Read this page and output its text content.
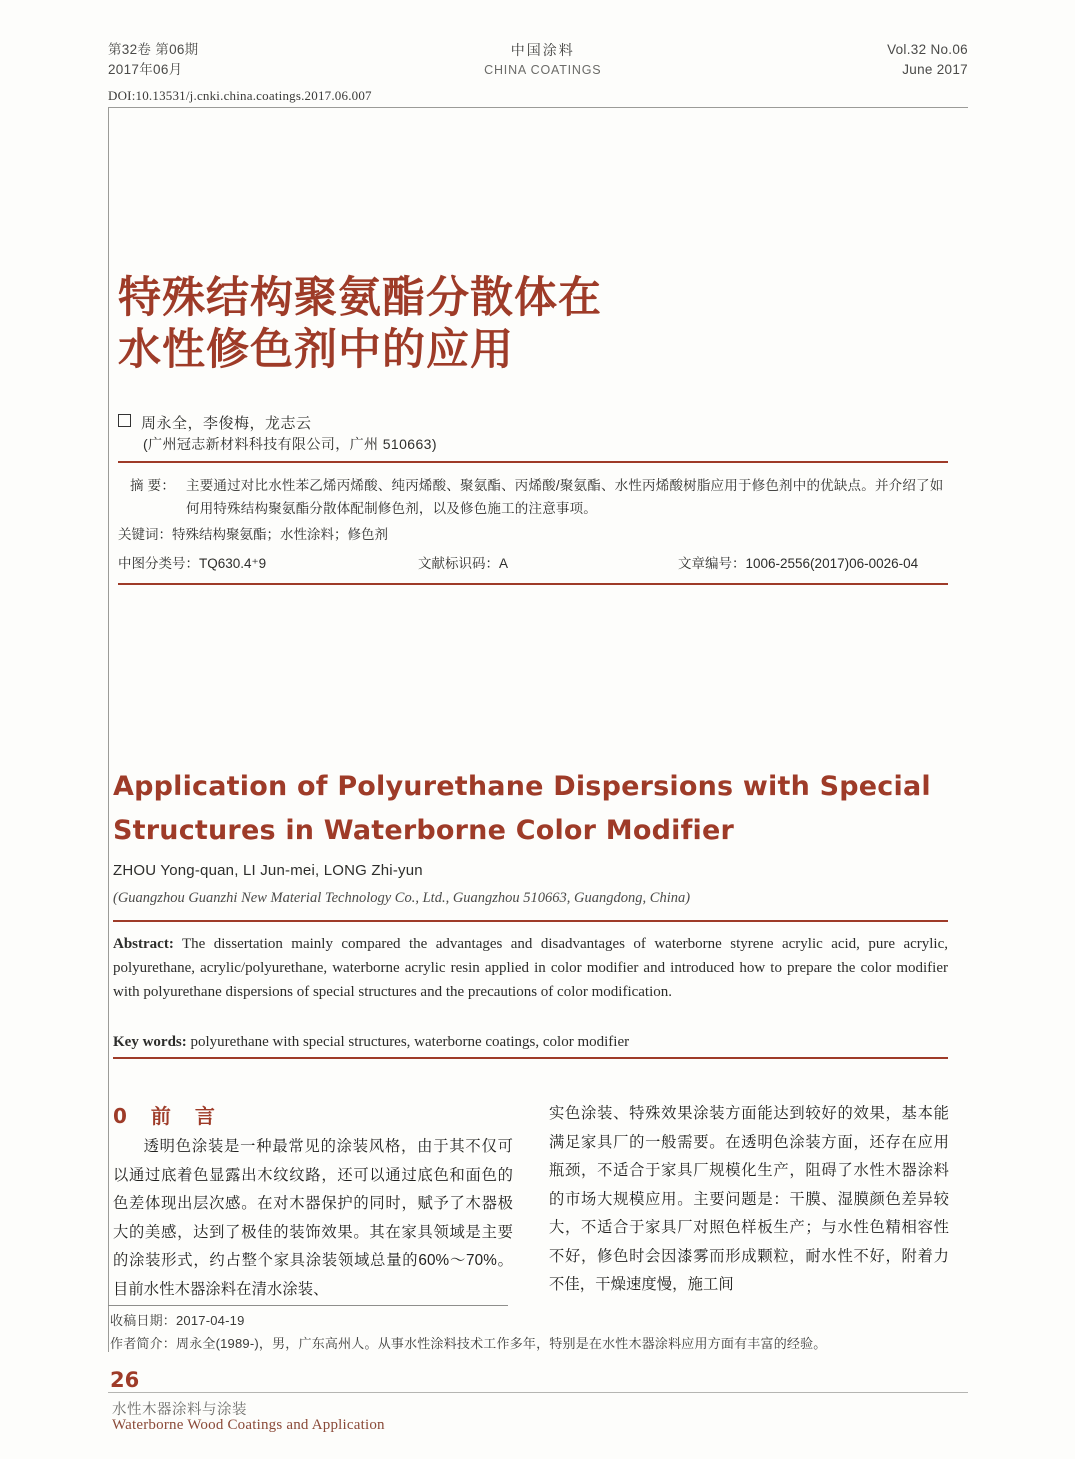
第32卷 第06期
2017年06月
中国涂料
CHINA COATINGS
Vol.32 No.06
June 2017
DOI:10.13531/j.cnki.china.coatings.2017.06.007
特殊结构聚氨酯分散体在
水性修色剂中的应用
周永全，李俊梅，龙志云
(广州冠志新材料科技有限公司，广州 510663)
摘 要： 主要通过对比水性苯乙烯丙烯酸、纯丙烯酸、聚氨酯、丙烯酸/聚氨酯、水性丙烯酸树脂应用于修色剂中的优缺点。并介绍了如何用特殊结构聚氨酯分散体配制修色剂，以及修色施工的注意事项。
关键词：特殊结构聚氨酯；水性涂料；修色剂
中图分类号：TQ630.4⁺9	文献标识码：A	文章编号：1006-2556(2017)06-0026-04
Application of Polyurethane Dispersions with Special
Structures in Waterborne Color Modifier
ZHOU Yong-quan, LI Jun-mei, LONG Zhi-yun
(Guangzhou Guanzhi New Material Technology Co., Ltd., Guangzhou 510663, Guangdong, China)
Abstract: The dissertation mainly compared the advantages and disadvantages of waterborne styrene acrylic acid, pure acrylic, polyurethane, acrylic/polyurethane, waterborne acrylic resin applied in color modifier and introduced how to prepare the color modifier with polyurethane dispersions of special structures and the precautions of color modification.
Key words: polyurethane with special structures, waterborne coatings, color modifier
0　前　言
透明色涂装是一种最常见的涂装风格，由于其不仅可以通过底着色显露出木纹纹路，还可以通过底色和面色的色差体现出层次感。在对木器保护的同时，赋予了木器极大的美感，达到了极佳的装饰效果。其在家具领域是主要的涂装形式，约占整个家具涂装领域总量的60%～70%。目前水性木器涂料在清水涂装、
实色涂装、特殊效果涂装方面能达到较好的效果，基本能满足家具厂的一般需要。在透明色涂装方面，还存在应用瓶颈，不适合于家具厂规模化生产，阻碍了水性木器涂料的市场大规模应用。主要问题是：干膜、湿膜颜色差异较大，不适合于家具厂对照色样板生产；与水性色精相容性不好，修色时会因漆雾而形成颗粒，耐水性不好，附着力不佳，干燥速度慢，施工间
收稿日期：2017-04-19
作者简介：周永全(1989-)，男，广东高州人。从事水性涂料技术工作多年，特别是在水性木器涂料应用方面有丰富的经验。
26
水性木器涂料与涂装
Waterborne Wood Coatings and Application
